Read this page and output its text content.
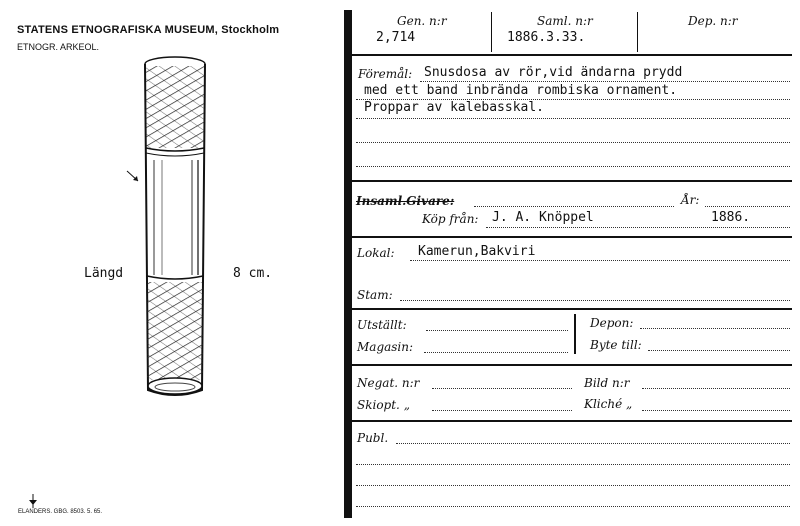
STATENS ETNOGRAFISKA MUSEUM, Stockholm
ETNOGR. ARKEOL.
Längd	8 cm.
ELANDERS. GBG. 8503. 5. 65.
Gen. n:r
2,714
Saml. n:r
1886.3.33.
Dep. n:r
Föremål: Snusdosa av rör,vid ändarna prydd
med ett band inbrända rombiska ornament.
Proppar av kalebasskal.
Insaml.Givare:	År:
Köp från: J. A. Knöppel	1886.
Lokal: Kamerun,Bakviri
Stam:
Utställt:	Depon:
Magasin:	Byte till:
Negat. n:r	Bild n:r
Skiopt. „	Kliché „
Publ.
